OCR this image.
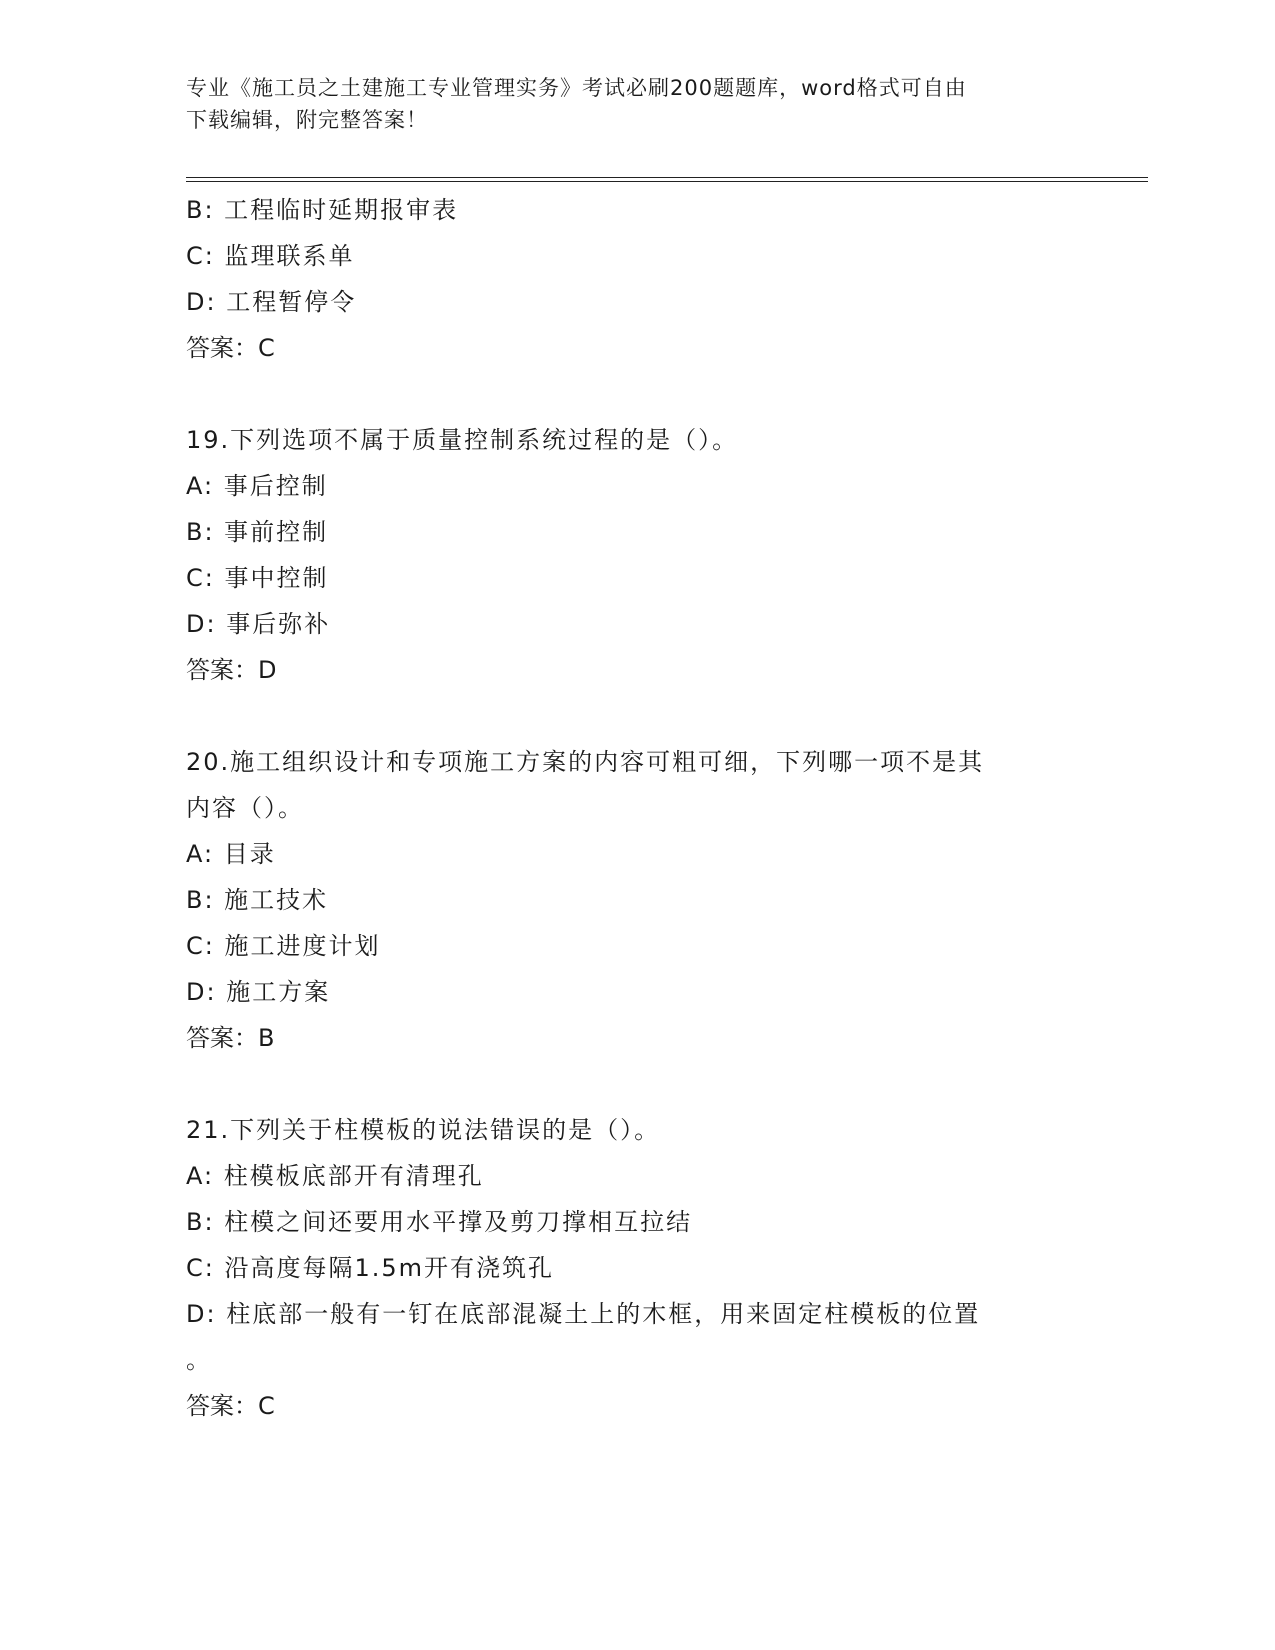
专业《施工员之土建施工专业管理实务》考试必刷200题题库，word格式可自由
下载编辑，附完整答案！
B: 工程临时延期报审表
C: 监理联系单
D: 工程暂停令
答案：C
19.下列选项不属于质量控制系统过程的是（）。
A: 事后控制
B: 事前控制
C: 事中控制
D: 事后弥补
答案：D
20.施工组织设计和专项施工方案的内容可粗可细，下列哪一项不是其
内容（）。
A: 目录
B: 施工技术
C: 施工进度计划
D: 施工方案
答案：B
21.下列关于柱模板的说法错误的是（）。
A: 柱模板底部开有清理孔
B: 柱模之间还要用水平撑及剪刀撑相互拉结
C: 沿高度每隔1.5m开有浇筑孔
D: 柱底部一般有一钉在底部混凝土上的木框，用来固定柱模板的位置
。
答案：C
